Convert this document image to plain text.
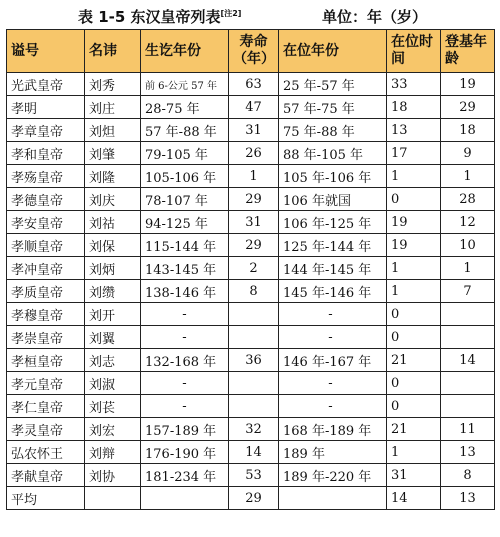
表 1-5 东汉皇帝列表[注2]	单位：年（岁）
谥号	名讳	生讫年份	寿命（年）	在位年份	在位时间	登基年龄
光武皇帝	刘秀	前 6-公元 57 年	63	25 年-57 年	33	19
孝明	刘庄	28-75 年	47	57 年-75 年	18	29
孝章皇帝	刘炟	57 年-88 年	31	75 年-88 年	13	18
孝和皇帝	刘肇	79-105 年	26	88 年-105 年	17	9
孝殇皇帝	刘隆	105-106 年	1	105 年-106 年	1	1
孝德皇帝	刘庆	78-107 年	29	106 年就国	0	28
孝安皇帝	刘祜	94-125 年	31	106 年-125 年	19	12
孝顺皇帝	刘保	115-144 年	29	125 年-144 年	19	10
孝冲皇帝	刘炳	143-145 年	2	144 年-145 年	1	1
孝质皇帝	刘缵	138-146 年	8	145 年-146 年	1	7
孝穆皇帝	刘开	-		-	0	
孝崇皇帝	刘翼	-		-	0	
孝桓皇帝	刘志	132-168 年	36	146 年-167 年	21	14
孝元皇帝	刘淑	-		-	0	
孝仁皇帝	刘苌	-		-	0	
孝灵皇帝	刘宏	157-189 年	32	168 年-189 年	21	11
弘农怀王	刘辩	176-190 年	14	189 年	1	13
孝献皇帝	刘协	181-234 年	53	189 年-220 年	31	8
平均			29		14	13
